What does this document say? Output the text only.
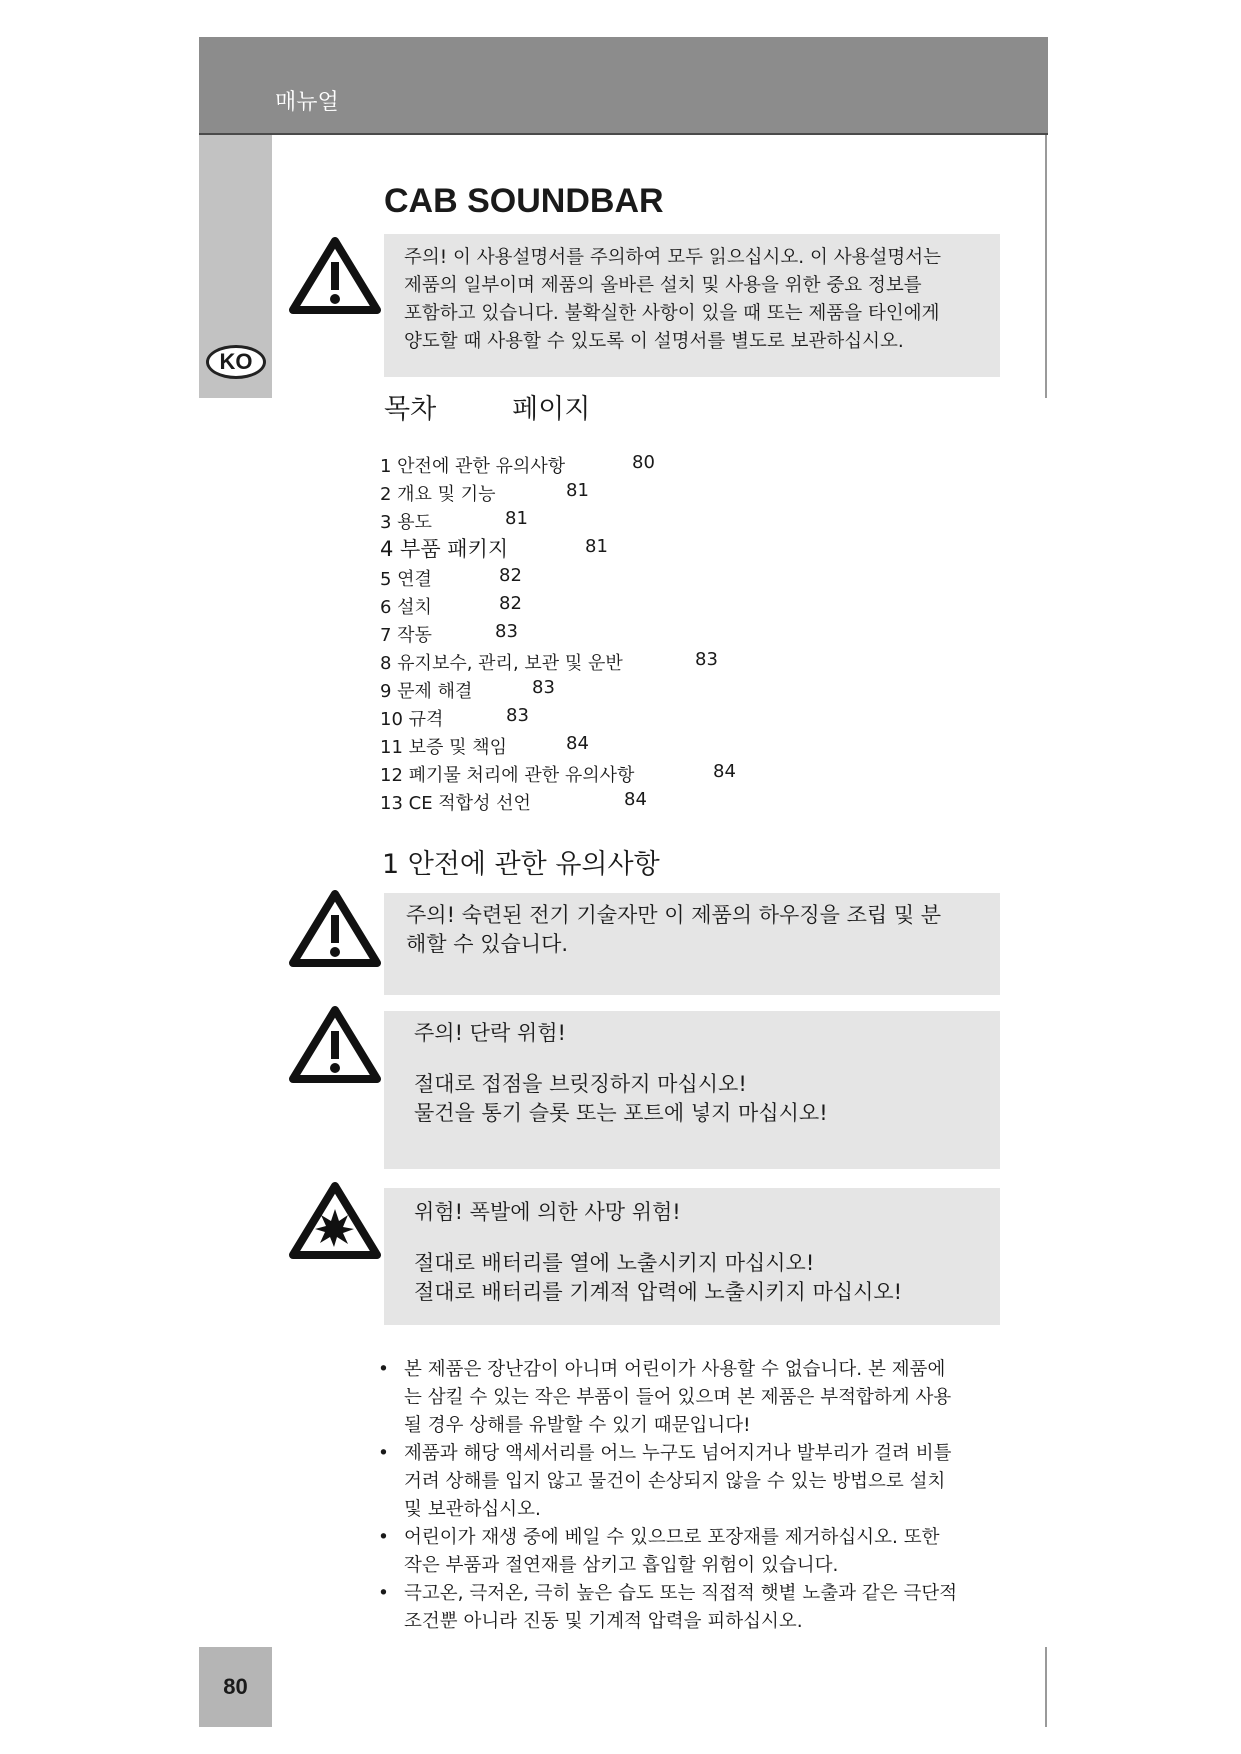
매뉴얼
KO
80
CAB SOUNDBAR

주의! 이 사용설명서를 주의하여 모두 읽으십시오. 이 사용설명서는

제품의 일부이며 제품의 올바른 설치 및 사용을 위한 중요 정보를

포함하고 있습니다. 불확실한 사항이 있을 때 또는 제품을 타인에게

양도할 때 사용할 수 있도록 이 설명서를 별도로 보관하십시오.

목차	페이지
1 안전에 관한 유의사항	80
2 개요 및 기능	81
3 용도	81
4 부품 패키지	81
5 연결	82
6 설치	82
7 작동	83
8 유지보수, 관리, 보관 및 운반	83
9 문제 해결	83
10 규격	83
11 보증 및 책임	84
12 폐기물 처리에 관한 유의사항	84
13 CE 적합성 선언	84
1 안전에 관한 유의사항

주의! 숙련된 전기 기술자만 이 제품의 하우징을 조립 및 분

해할 수 있습니다.

주의! 단락 위험!

절대로 접점을 브릿징하지 마십시오!

물건을 통기 슬롯 또는 포트에 넣지 마십시오!

위험! 폭발에 의한 사망 위험!

절대로 배터리를 열에 노출시키지 마십시오!

절대로 배터리를 기계적 압력에 노출시키지 마십시오!

• 본 제품은 장난감이 아니며 어린이가 사용할 수 없습니다. 본 제품에
는 삼킬 수 있는 작은 부품이 들어 있으며 본 제품은 부적합하게 사용
될 경우 상해를 유발할 수 있기 때문입니다!
• 제품과 해당 액세서리를 어느 누구도 넘어지거나 발부리가 걸려 비틀
거려 상해를 입지 않고 물건이 손상되지 않을 수 있는 방법으로 설치
및 보관하십시오.
• 어린이가 재생 중에 베일 수 있으므로 포장재를 제거하십시오. 또한
작은 부품과 절연재를 삼키고 흡입할 위험이 있습니다.
• 극고온, 극저온, 극히 높은 습도 또는 직접적 햇볕 노출과 같은 극단적
조건뿐 아니라 진동 및 기계적 압력을 피하십시오.
